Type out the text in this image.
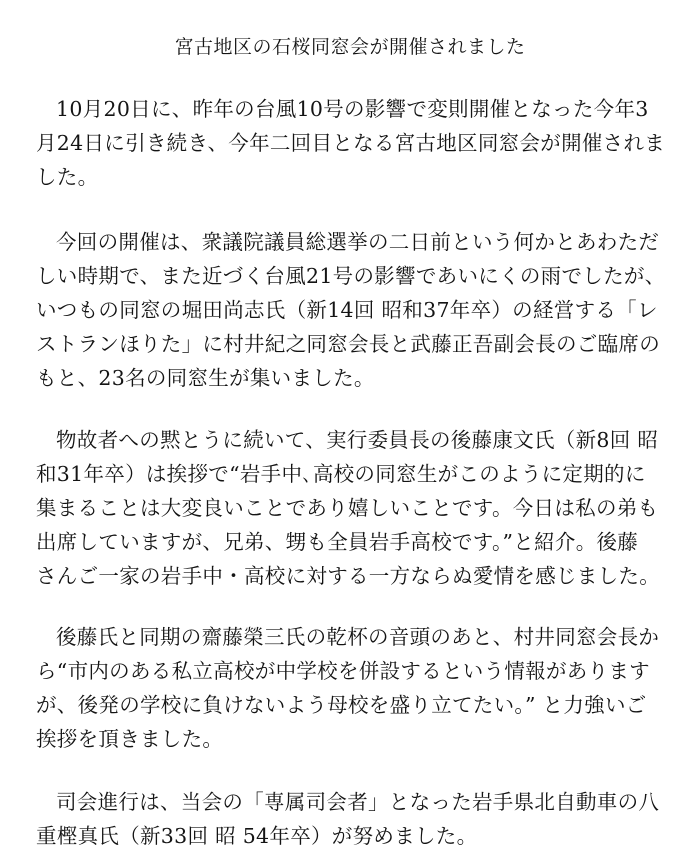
宮古地区の石桜同窓会が開催されました

10月20日に、昨年の台風10号の影響で変則開催となった今年3
月24日に引き続き、今年二回目となる宮古地区同窓会が開催されま
した。

今回の開催は、衆議院議員総選挙の二日前という何かとあわただ
しい時期で、また近づく台風21号の影響であいにくの雨でしたが、
いつもの同窓の堀田尚志氏（新14回 昭和37年卒）の経営する「レ
ストランほりた」に村井紀之同窓会長と武藤正吾副会長のご臨席の
もと、23名の同窓生が集いました。

物故者への黙とうに続いて、実行委員長の後藤康文氏（新8回 昭
和31年卒）は挨拶で“岩手中､高校の同窓生がこのように定期的に
集まることは大変良いことであり嬉しいことです。今日は私の弟も
出席していますが、兄弟、甥も全員岩手高校です。”と紹介。後藤
さんご一家の岩手中・高校に対する一方ならぬ愛情を感じました。

後藤氏と同期の齋藤榮三氏の乾杯の音頭のあと、村井同窓会長か
ら“市内のある私立高校が中学校を併設するという情報があります
が、後発の学校に負けないよう母校を盛り立てたい。” と力強いご
挨拶を頂きました。

司会進行は、当会の「専属司会者」となった岩手県北自動車の八
重樫真氏（新33回 昭 54年卒）が努めました。
